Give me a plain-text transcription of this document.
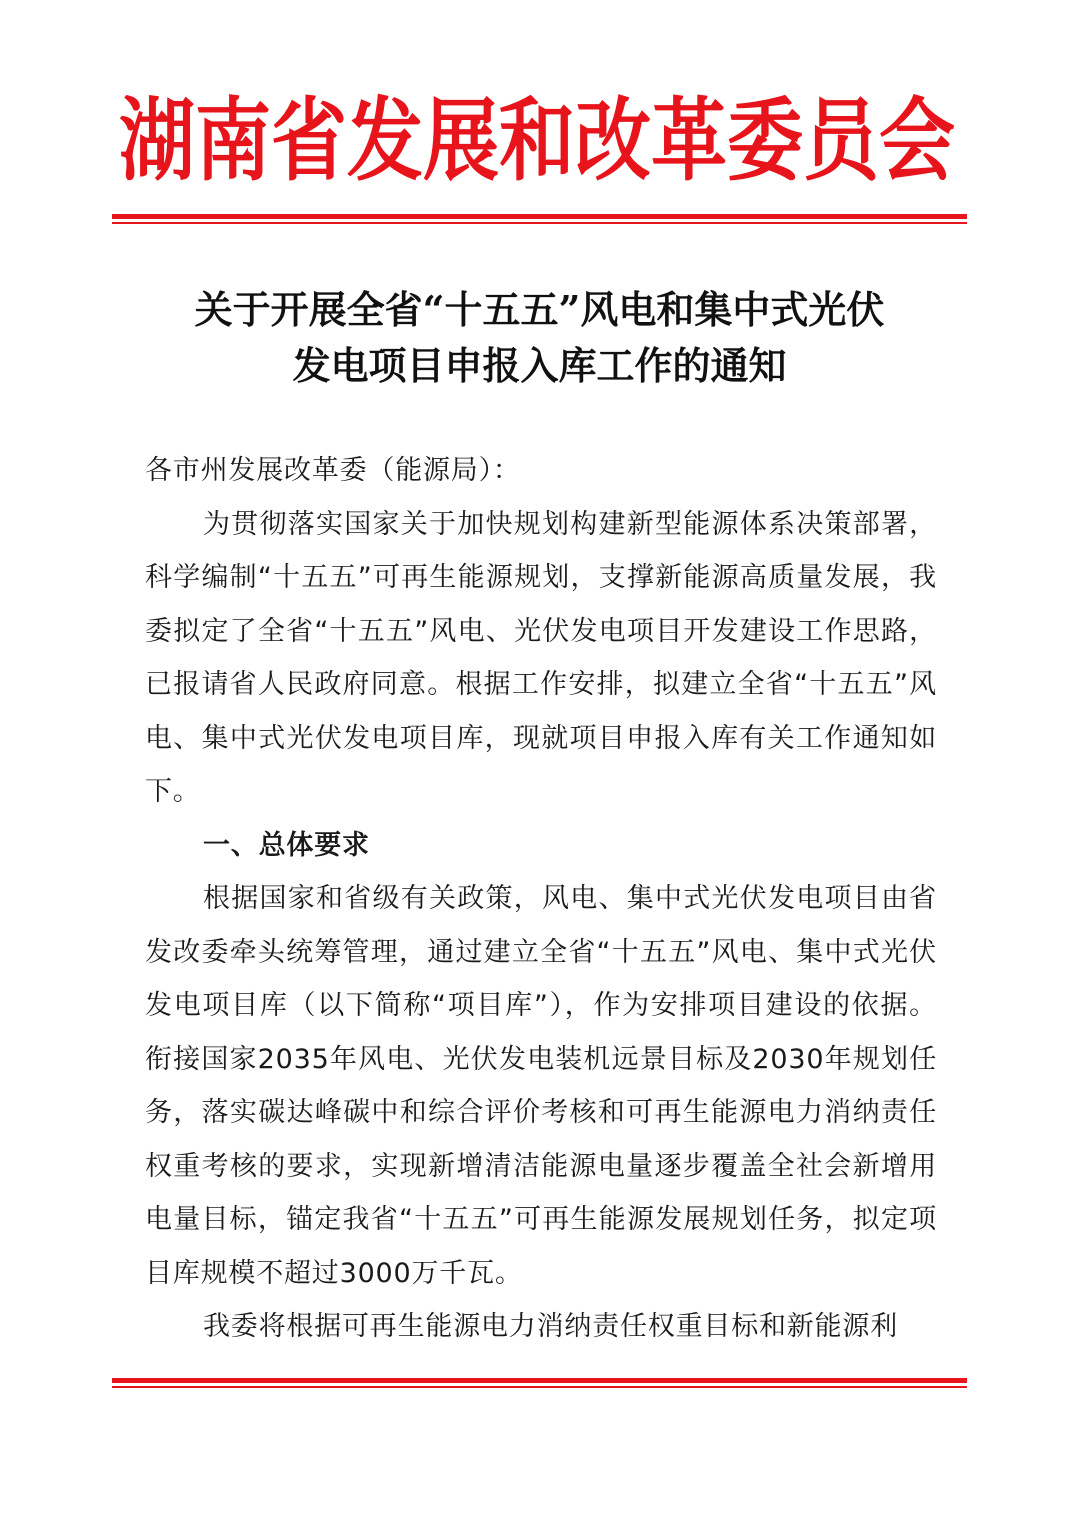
湖南省发展和改革委员会
关于开展全省“十五五”风电和集中式光伏
发电项目申报入库工作的通知

各市州发展改革委（能源局）：

为贯彻落实国家关于加快规划构建新型能源体系决策部署，科学编制“十五五”可再生能源规划，支撑新能源高质量发展，我委拟定了全省“十五五”风电、光伏发电项目开发建设工作思路，已报请省人民政府同意。根据工作安排，拟建立全省“十五五”风电、集中式光伏发电项目库，现就项目申报入库有关工作通知如下。

一、总体要求

根据国家和省级有关政策，风电、集中式光伏发电项目由省发改委牵头统筹管理，通过建立全省“十五五”风电、集中式光伏发电项目库（以下简称“项目库”），作为安排项目建设的依据。衔接国家2035年风电、光伏发电装机远景目标及2030年规划任务，落实碳达峰碳中和综合评价考核和可再生能源电力消纳责任权重考核的要求，实现新增清洁能源电量逐步覆盖全社会新增用电量目标，锚定我省“十五五”可再生能源发展规划任务，拟定项目库规模不超过3000万千瓦。

我委将根据可再生能源电力消纳责任权重目标和新能源利
